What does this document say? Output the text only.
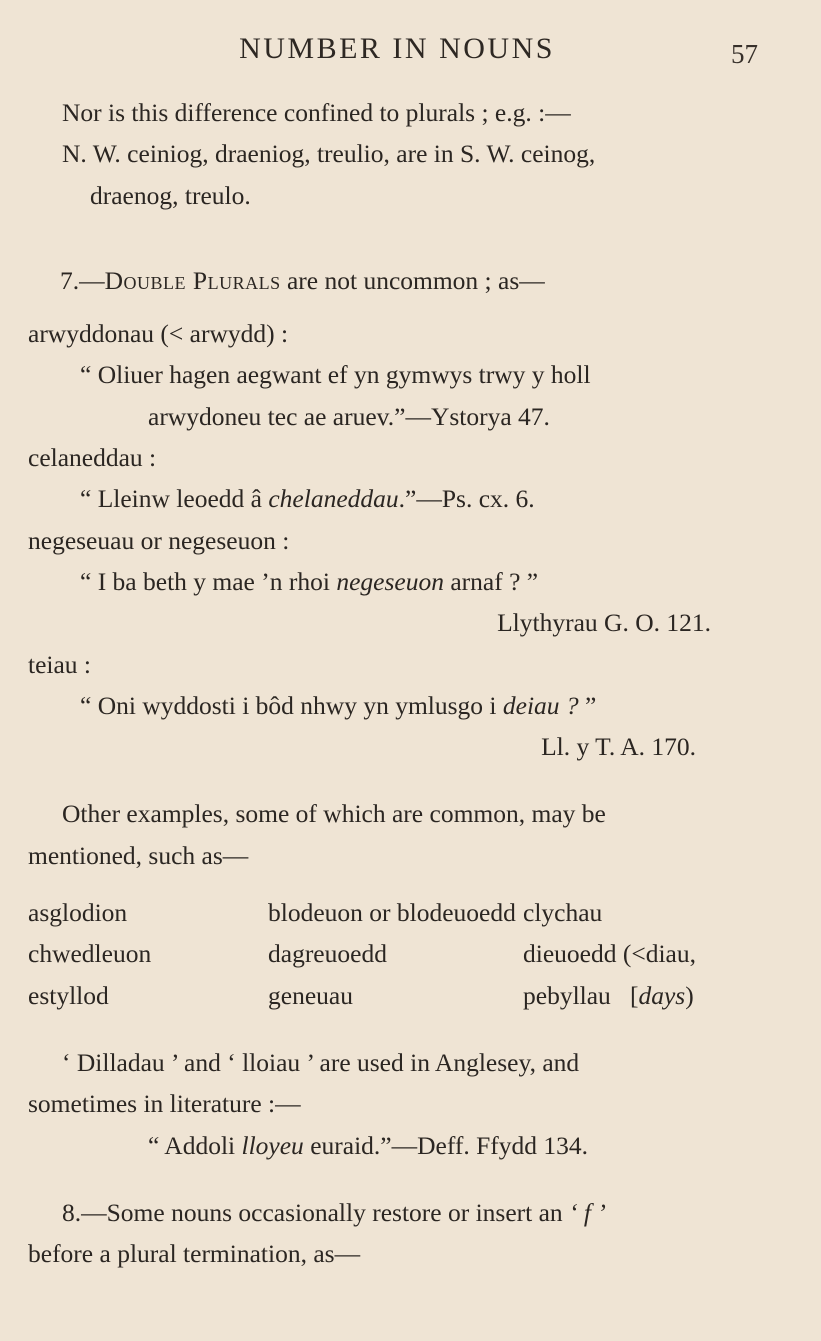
NUMBER IN NOUNS	57

Nor is this difference confined to plurals ; e.g. :—

N. W. ceiniog, draeniog, treulio, are in S. W. ceinog,

draenog, treulo.

7.—Double Plurals are not uncommon ; as—

arwyddonau (< arwydd) :

“ Oliuer hagen aegwant ef yn gymwys trwy y holl

arwydoneu tec ae aruev.”—Ystorya 47.

celaneddau :

“ Lleinw leoedd â chelaneddau.”—Ps. cx. 6.

negeseuau or negeseuon :

“ I ba beth y mae ’n rhoi negeseuon arnaf ? ”

Llythyrau G. O. 121.

teiau :

“ Oni wyddosti i bôd nhwy yn ymlusgo i deiau ? ”

Ll. y T. A. 170.

Other examples, some of which are common, may be

mentioned, such as—

asglodion	blodeuon or blodeuoedd	clychau
chwedleuon	dagreuoedd	dieuoedd (<diau,
estyllod	geneuau	pebyllau [days)

‘ Dilladau ’ and ‘ lloiau ’ are used in Anglesey, and

sometimes in literature :—

“ Addoli lloyeu euraid.”—Deff. Ffydd 134.

8.—Some nouns occasionally restore or insert an ‘ f ’

before a plural termination, as—
